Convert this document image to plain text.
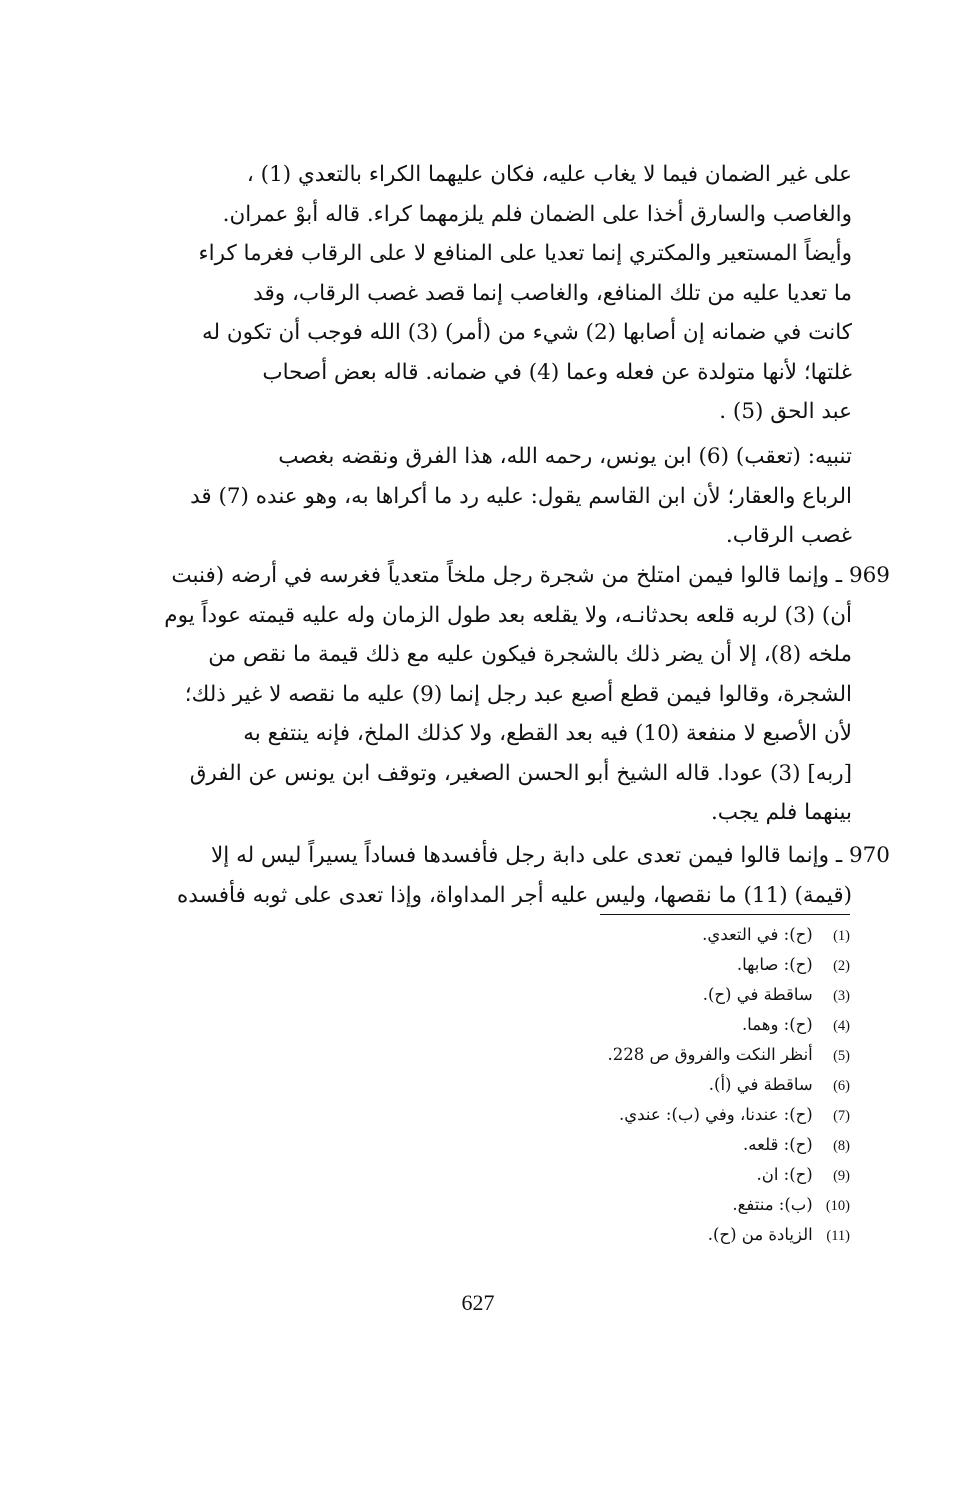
على غير الضمان فيما لا يغاب عليه، فكان عليهما الكراء بالتعدي (1) ،
والغاصب والسارق أخذا على الضمان فلم يلزمهما كراء. قاله أبوْ عمران.
وأيضاً المستعير والمكتري إنما تعديا على المنافع لا على الرقاب فغرما كراء
ما تعديا عليه من تلك المنافع، والغاصب إنما قصد غصب الرقاب، وقد
كانت في ضمانه إن أصابها (2) شيء من (أمر) (3) الله فوجب أن تكون له
غلتها؛ لأنها متولدة عن فعله وعما (4) في ضمانه. قاله بعض أصحاب
عبد الحق (5) .
تنبيه: (تعقب) (6) ابن يونس، رحمه الله، هذا الفرق ونقضه بغصب
الرباع والعقار؛ لأن ابن القاسم يقول: عليه رد ما أكراها به، وهو عنده (7) قد
غصب الرقاب.
969 ـ وإنما قالوا فيمن امتلخ من شجرة رجل ملخاً متعدياً فغرسه في أرضه (فنبت
أن) (3) لربه قلعه بحدثانـه، ولا يقلعه بعد طول الزمان وله عليه قيمته عوداً يوم
ملخه (8)، إلا أن يضر ذلك بالشجرة فيكون عليه مع ذلك قيمة ما نقص من
الشجرة، وقالوا فيمن قطع أصبع عبد رجل إنما (9) عليه ما نقصه لا غير ذلك؛
لأن الأصبع لا منفعة (10) فيه بعد القطع، ولا كذلك الملخ، فإنه ينتفع به
[ربه] (3) عودا. قاله الشيخ أبو الحسن الصغير، وتوقف ابن يونس عن الفرق
بينهما فلم يجب.
970 ـ وإنما قالوا فيمن تعدى على دابة رجل فأفسدها فساداً يسيراً ليس له إلا
(قيمة) (11) ما نقصها، وليس عليه أجر المداواة، وإذا تعدى على ثوبه فأفسده
(1) (ح): في التعدي.
(2) (ح): صابها.
(3) ساقطة في (ح).
(4) (ح): وهما.
(5) أنظر النكت والفروق ص 228.
(6) ساقطة في (أ).
(7) (ح): عندنا، وفي (ب): عندي.
(8) (ح): قلعه.
(9) (ح): ان.
(10) (ب): منتفع.
(11) الزيادة من (ح).
627
